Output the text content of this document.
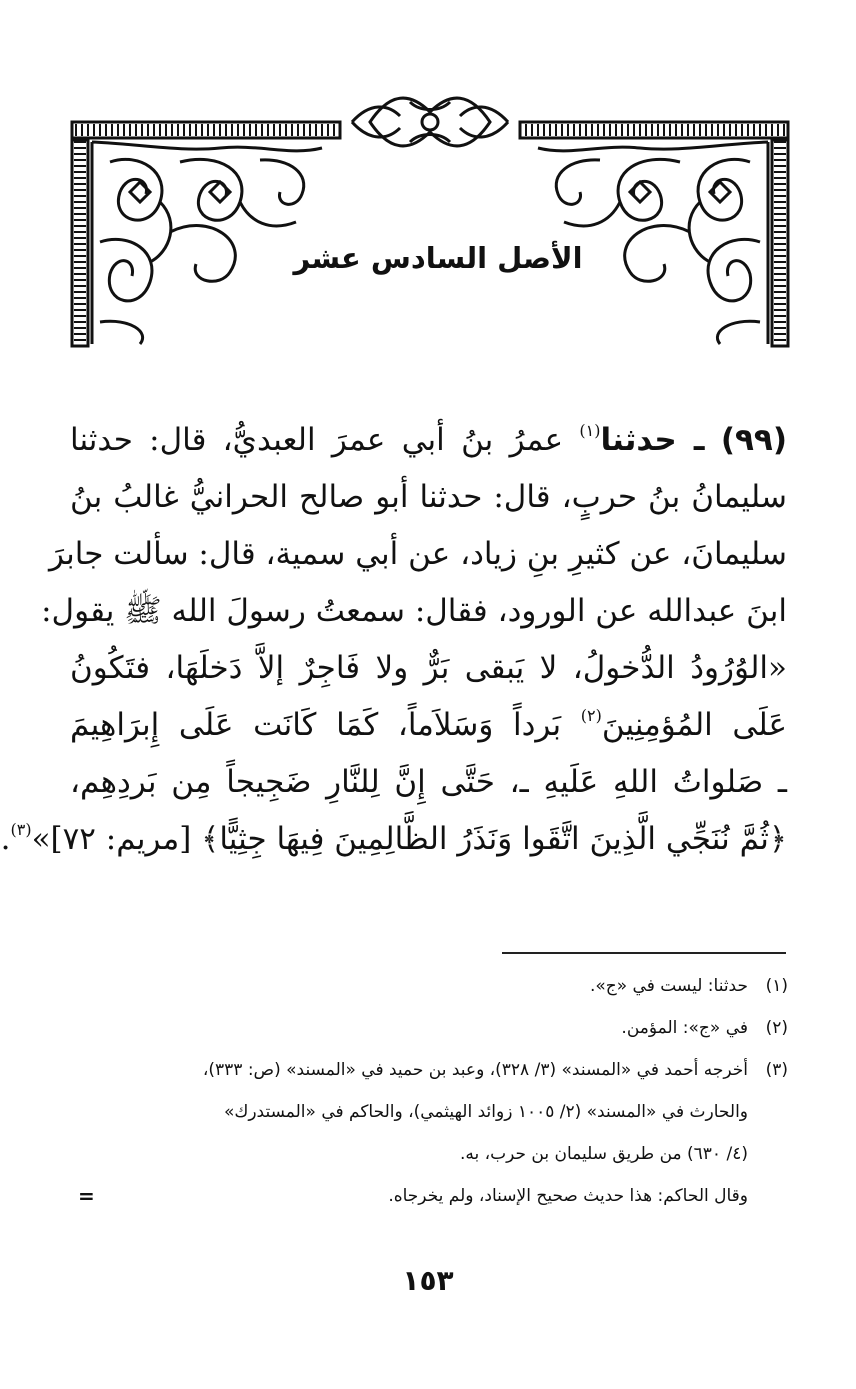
الأصل السادس عشر
(٩٩) ـ حدثنا$^{(١)}$ عمرُ بنُ أبي عمرَ العبديُّ، قال: حدثنا
سليمانُ بنُ حربٍ، قال: حدثنا أبو صالح الحرانيُّ غالبُ بنُ
سليمانَ، عن كثيرِ بنِ زياد، عن أبي سمية، قال: سألت جابرَ
ابنَ عبدالله عن الورود، فقال: سمعتُ رسولَ الله ﷺ يقول:
«الوُرُودُ الدُّخولُ، لا يَبقى بَرٌّ ولا فَاجِرٌ إلاَّ دَخلَهَا، فتَكُونُ
عَلَى المُؤمِنِينَ$^{(٢)}$ بَرداً وَسَلاَماً، كَمَا كَانَت عَلَى إِبرَاهِيمَ
ـ صَلواتُ اللهِ عَلَيهِ ـ، حَتَّى إِنَّ لِلنَّارِ ضَجِيجاً مِن بَردِهِم،
﴿ثُمَّ نُنَجِّي الَّذِينَ اتَّقَوا وَنَذَرُ الظَّالِمِينَ فِيهَا جِثِيًّا﴾ [مريم: ٧٢]»$^{(٣)}$.
(١)
حدثنا: ليست في «ج».
(٢)
في «ج»: المؤمن.
(٣)
أخرجه أحمد في «المسند» (٣/ ٣٢٨)، وعبد بن حميد في «المسند» (ص: ٣٣٣)،
والحارث في «المسند» (٢/ ١٠٠٥ زوائد الهيثمي)، والحاكم في «المستدرك»
(٤/ ٦٣٠) من طريق سليمان بن حرب، به.
وقال الحاكم: هذا حديث صحيح الإسناد، ولم يخرجاه.
=
١٥٣
